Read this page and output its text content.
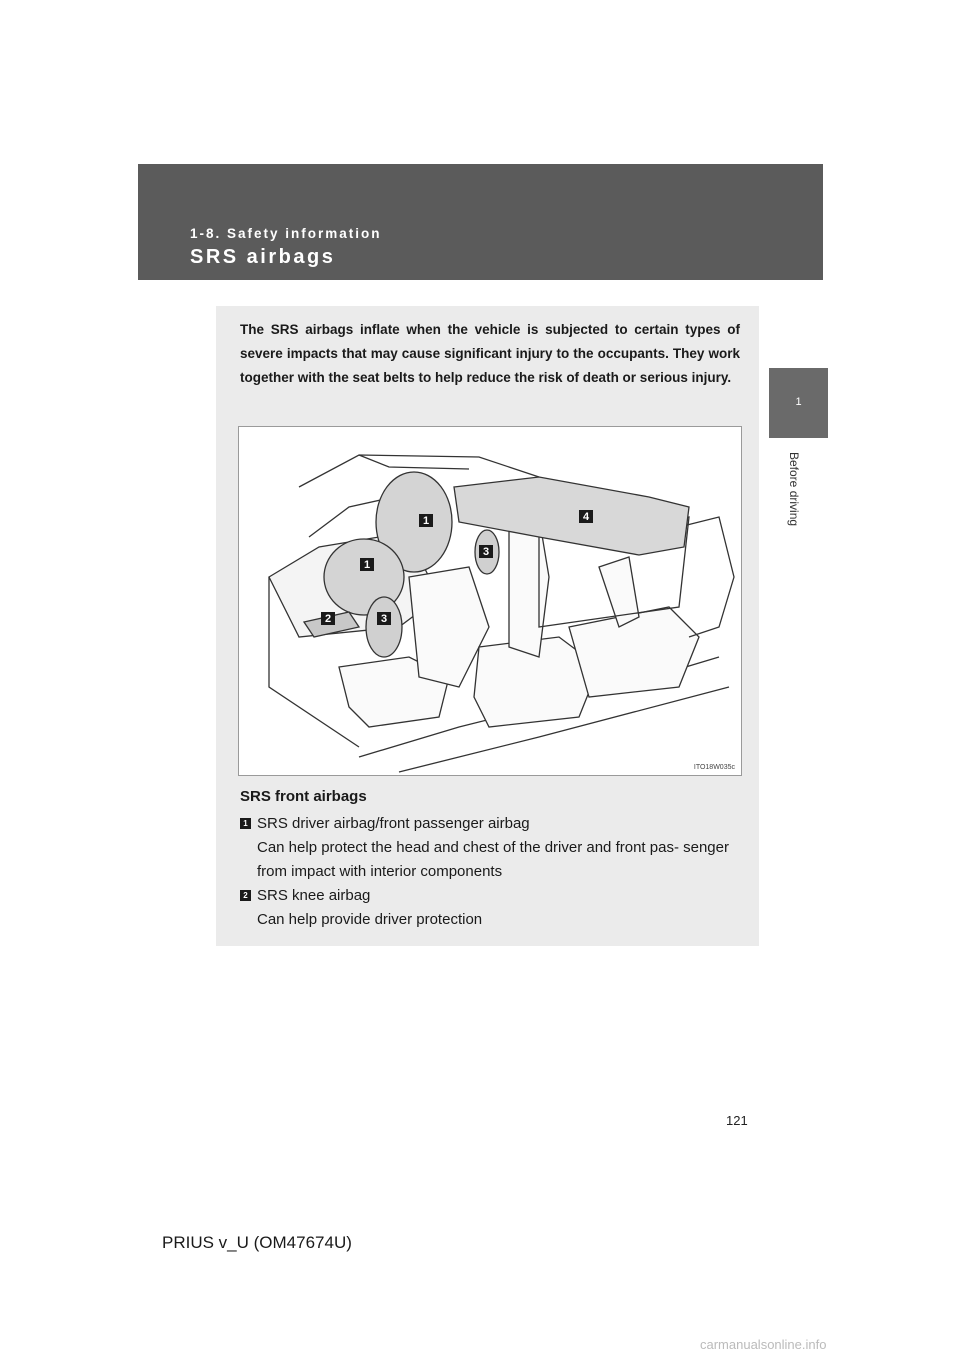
1-8. Safety information
SRS airbags
1
Before driving
The SRS airbags inflate when the vehicle is subjected to certain types of severe impacts that may cause significant injury to the occupants. They work together with the seat belts to help reduce the risk of death or serious injury.
1
1
2	3
3
4
ITO18W035c
SRS front airbags
1 SRS driver airbag/front passenger airbag
Can help protect the head and chest of the driver and front pas- senger from impact with interior components
2 SRS knee airbag
Can help provide driver protection
121
PRIUS v_U (OM47674U)
carmanualsonline.info
